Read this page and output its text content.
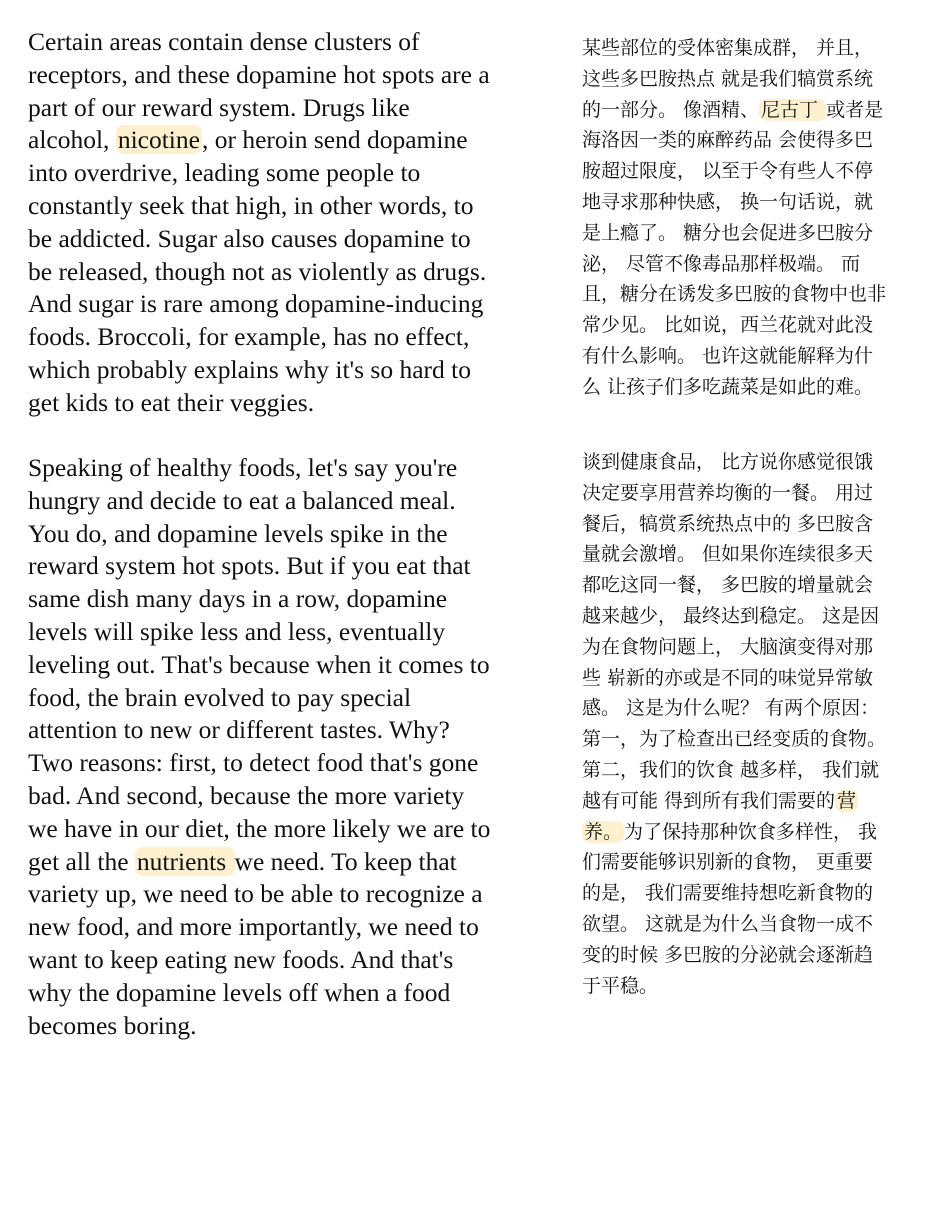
Certain areas contain dense clusters of
receptors, and these dopamine hot spots are a
part of our reward system. Drugs like
alcohol, nicotine, or heroin send dopamine
into overdrive, leading some people to
constantly seek that high, in other words, to
be addicted. Sugar also causes dopamine to
be released, though not as violently as drugs.
And sugar is rare among dopamine-inducing
foods. Broccoli, for example, has no effect,
which probably explains why it's so hard to
get kids to eat their veggies.
Speaking of healthy foods, let's say you're
hungry and decide to eat a balanced meal.
You do, and dopamine levels spike in the
reward system hot spots. But if you eat that
same dish many days in a row, dopamine
levels will spike less and less, eventually
leveling out. That's because when it comes to
food, the brain evolved to pay special
attention to new or different tastes. Why?
Two reasons: first, to detect food that's gone
bad. And second, because the more variety
we have in our diet, the more likely we are to
get all the nutrients we need. To keep that
variety up, we need to be able to recognize a
new food, and more importantly, we need to
want to keep eating new foods. And that's
why the dopamine levels off when a food
becomes boring.
某些部位的受体密集成群， 并且，
这些多巴胺热点 就是我们犒赏系统
的一部分。 像酒精、 尼古丁 或者是
海洛因一类的麻醉药品 会使得多巴
胺超过限度， 以至于令有些人不停
地寻求那种快感， 换一句话说，就
是上瘾了。 糖分也会促进多巴胺分
泌， 尽管不像毒品那样极端。 而
且，糖分在诱发多巴胺的食物中也非
常少见。 比如说，西兰花就对此没
有什么影响。 也许这就能解释为什
么 让孩子们多吃蔬菜是如此的难。
谈到健康食品， 比方说你感觉很饿
决定要享用营养均衡的一餐。 用过
餐后，犒赏系统热点中的 多巴胺含
量就会激增。 但如果你连续很多天
都吃这同一餐， 多巴胺的增量就会
越来越少， 最终达到稳定。 这是因
为在食物问题上， 大脑演变得对那
些 崭新的亦或是不同的味觉异常敏
感。 这是为什么呢？ 有两个原因：
第一，为了检查出已经变质的食物。
第二，我们的饮食 越多样， 我们就
越有可能 得到所有我们需要的 营
养。 为了保持那种饮食多样性， 我
们需要能够识别新的食物， 更重要
的是， 我们需要维持想吃新食物的
欲望。 这就是为什么当食物一成不
变的时候 多巴胺的分泌就会逐渐趋
于平稳。
